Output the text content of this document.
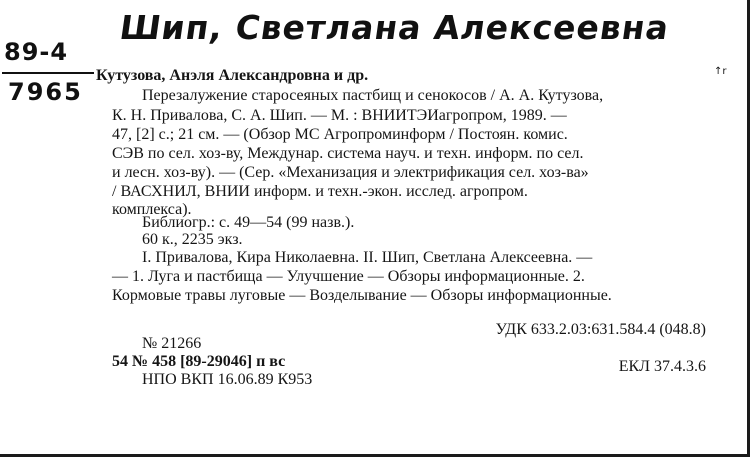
Шип, Светлана Алексеевна
89-4
7965
Кутузова, Анэля Александровна и др.
Перезалужение старосеяных пастбищ и сенокосов / А. А. Кутузова,
К. Н. Привалова, С. А. Шип. — М. : ВНИИТЭИагропром, 1989. —
47, [2] с.; 21 см. — (Обзор МС Агропроминформ / Постоян. комис.
СЭВ по сел. хоз-ву, Междунар. система науч. и техн. информ. по сел.
и лесн. хоз-ву). — (Сер. «Механизация и электрификация сел. хоз-ва»
/ ВАСХНИЛ, ВНИИ информ. и техн.-экон. исслед. агропром.
комплекса).
Библиогр.: с. 49—54 (99 назв.).
60 к., 2235 экз.
I. Привалова, Кира Николаевна. II. Шип, Светлана Алексеевна. —
— 1. Луга и пастбища — Улучшение — Обзоры информационные. 2.
Кормовые травы луговые — Возделывание — Обзоры информационные.
УДК 633.2.03:631.584.4 (048.8)
№ 21266
54 № 458 [89-29046] п вс
НПО ВКП 16.06.89 К953
ЕКЛ 37.4.3.6
↑r
